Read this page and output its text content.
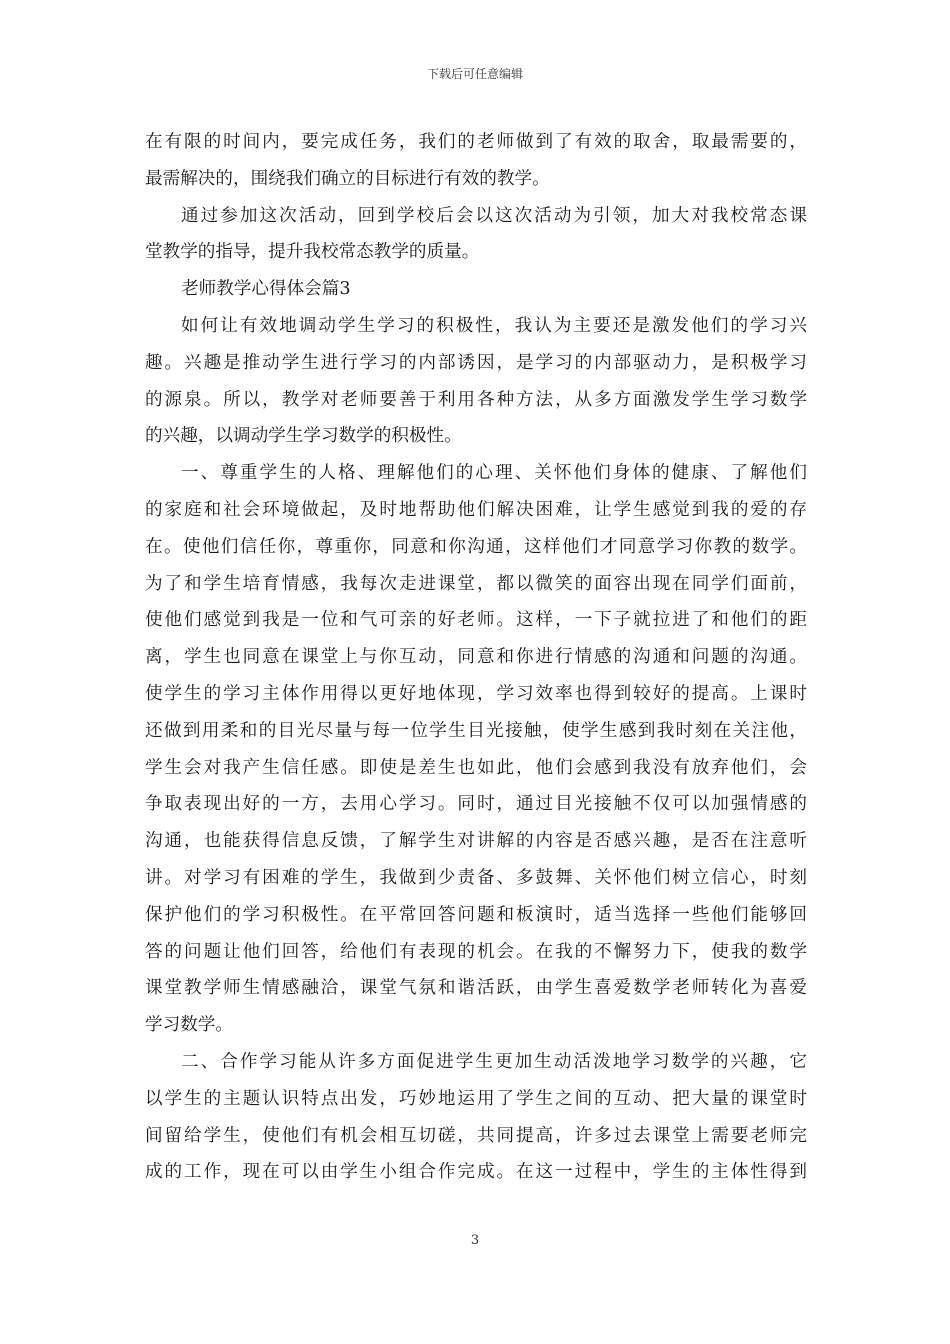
下载后可任意编辑
在有限的时间内，要完成任务，我们的老师做到了有效的取舍，取最需要的，
最需解决的，围绕我们确立的目标进行有效的教学。
通过参加这次活动，回到学校后会以这次活动为引领，加大对我校常态课
堂教学的指导，提升我校常态教学的质量。
老师教学心得体会篇3
如何让有效地调动学生学习的积极性，我认为主要还是激发他们的学习兴
趣。兴趣是推动学生进行学习的内部诱因，是学习的内部驱动力，是积极学习
的源泉。所以，教学对老师要善于利用各种方法，从多方面激发学生学习数学
的兴趣，以调动学生学习数学的积极性。
一、尊重学生的人格、理解他们的心理、关怀他们身体的健康、了解他们
的家庭和社会环境做起，及时地帮助他们解决困难，让学生感觉到我的爱的存
在。使他们信任你，尊重你，同意和你沟通，这样他们才同意学习你教的数学。
为了和学生培育情感，我每次走进课堂，都以微笑的面容出现在同学们面前，
使他们感觉到我是一位和气可亲的好老师。这样，一下子就拉进了和他们的距
离，学生也同意在课堂上与你互动，同意和你进行情感的沟通和问题的沟通。
使学生的学习主体作用得以更好地体现，学习效率也得到较好的提高。上课时
还做到用柔和的目光尽量与每一位学生目光接触，使学生感到我时刻在关注他，
学生会对我产生信任感。即使是差生也如此，他们会感到我没有放弃他们，会
争取表现出好的一方，去用心学习。同时，通过目光接触不仅可以加强情感的
沟通，也能获得信息反馈，了解学生对讲解的内容是否感兴趣，是否在注意听
讲。对学习有困难的学生，我做到少责备、多鼓舞、关怀他们树立信心，时刻
保护他们的学习积极性。在平常回答问题和板演时，适当选择一些他们能够回
答的问题让他们回答，给他们有表现的机会。在我的不懈努力下，使我的数学
课堂教学师生情感融洽，课堂气氛和谐活跃，由学生喜爱数学老师转化为喜爱
学习数学。
二、合作学习能从许多方面促进学生更加生动活泼地学习数学的兴趣，它
以学生的主题认识特点出发，巧妙地运用了学生之间的互动、把大量的课堂时
间留给学生，使他们有机会相互切磋，共同提高，许多过去课堂上需要老师完
成的工作，现在可以由学生小组合作完成。在这一过程中，学生的主体性得到
3
